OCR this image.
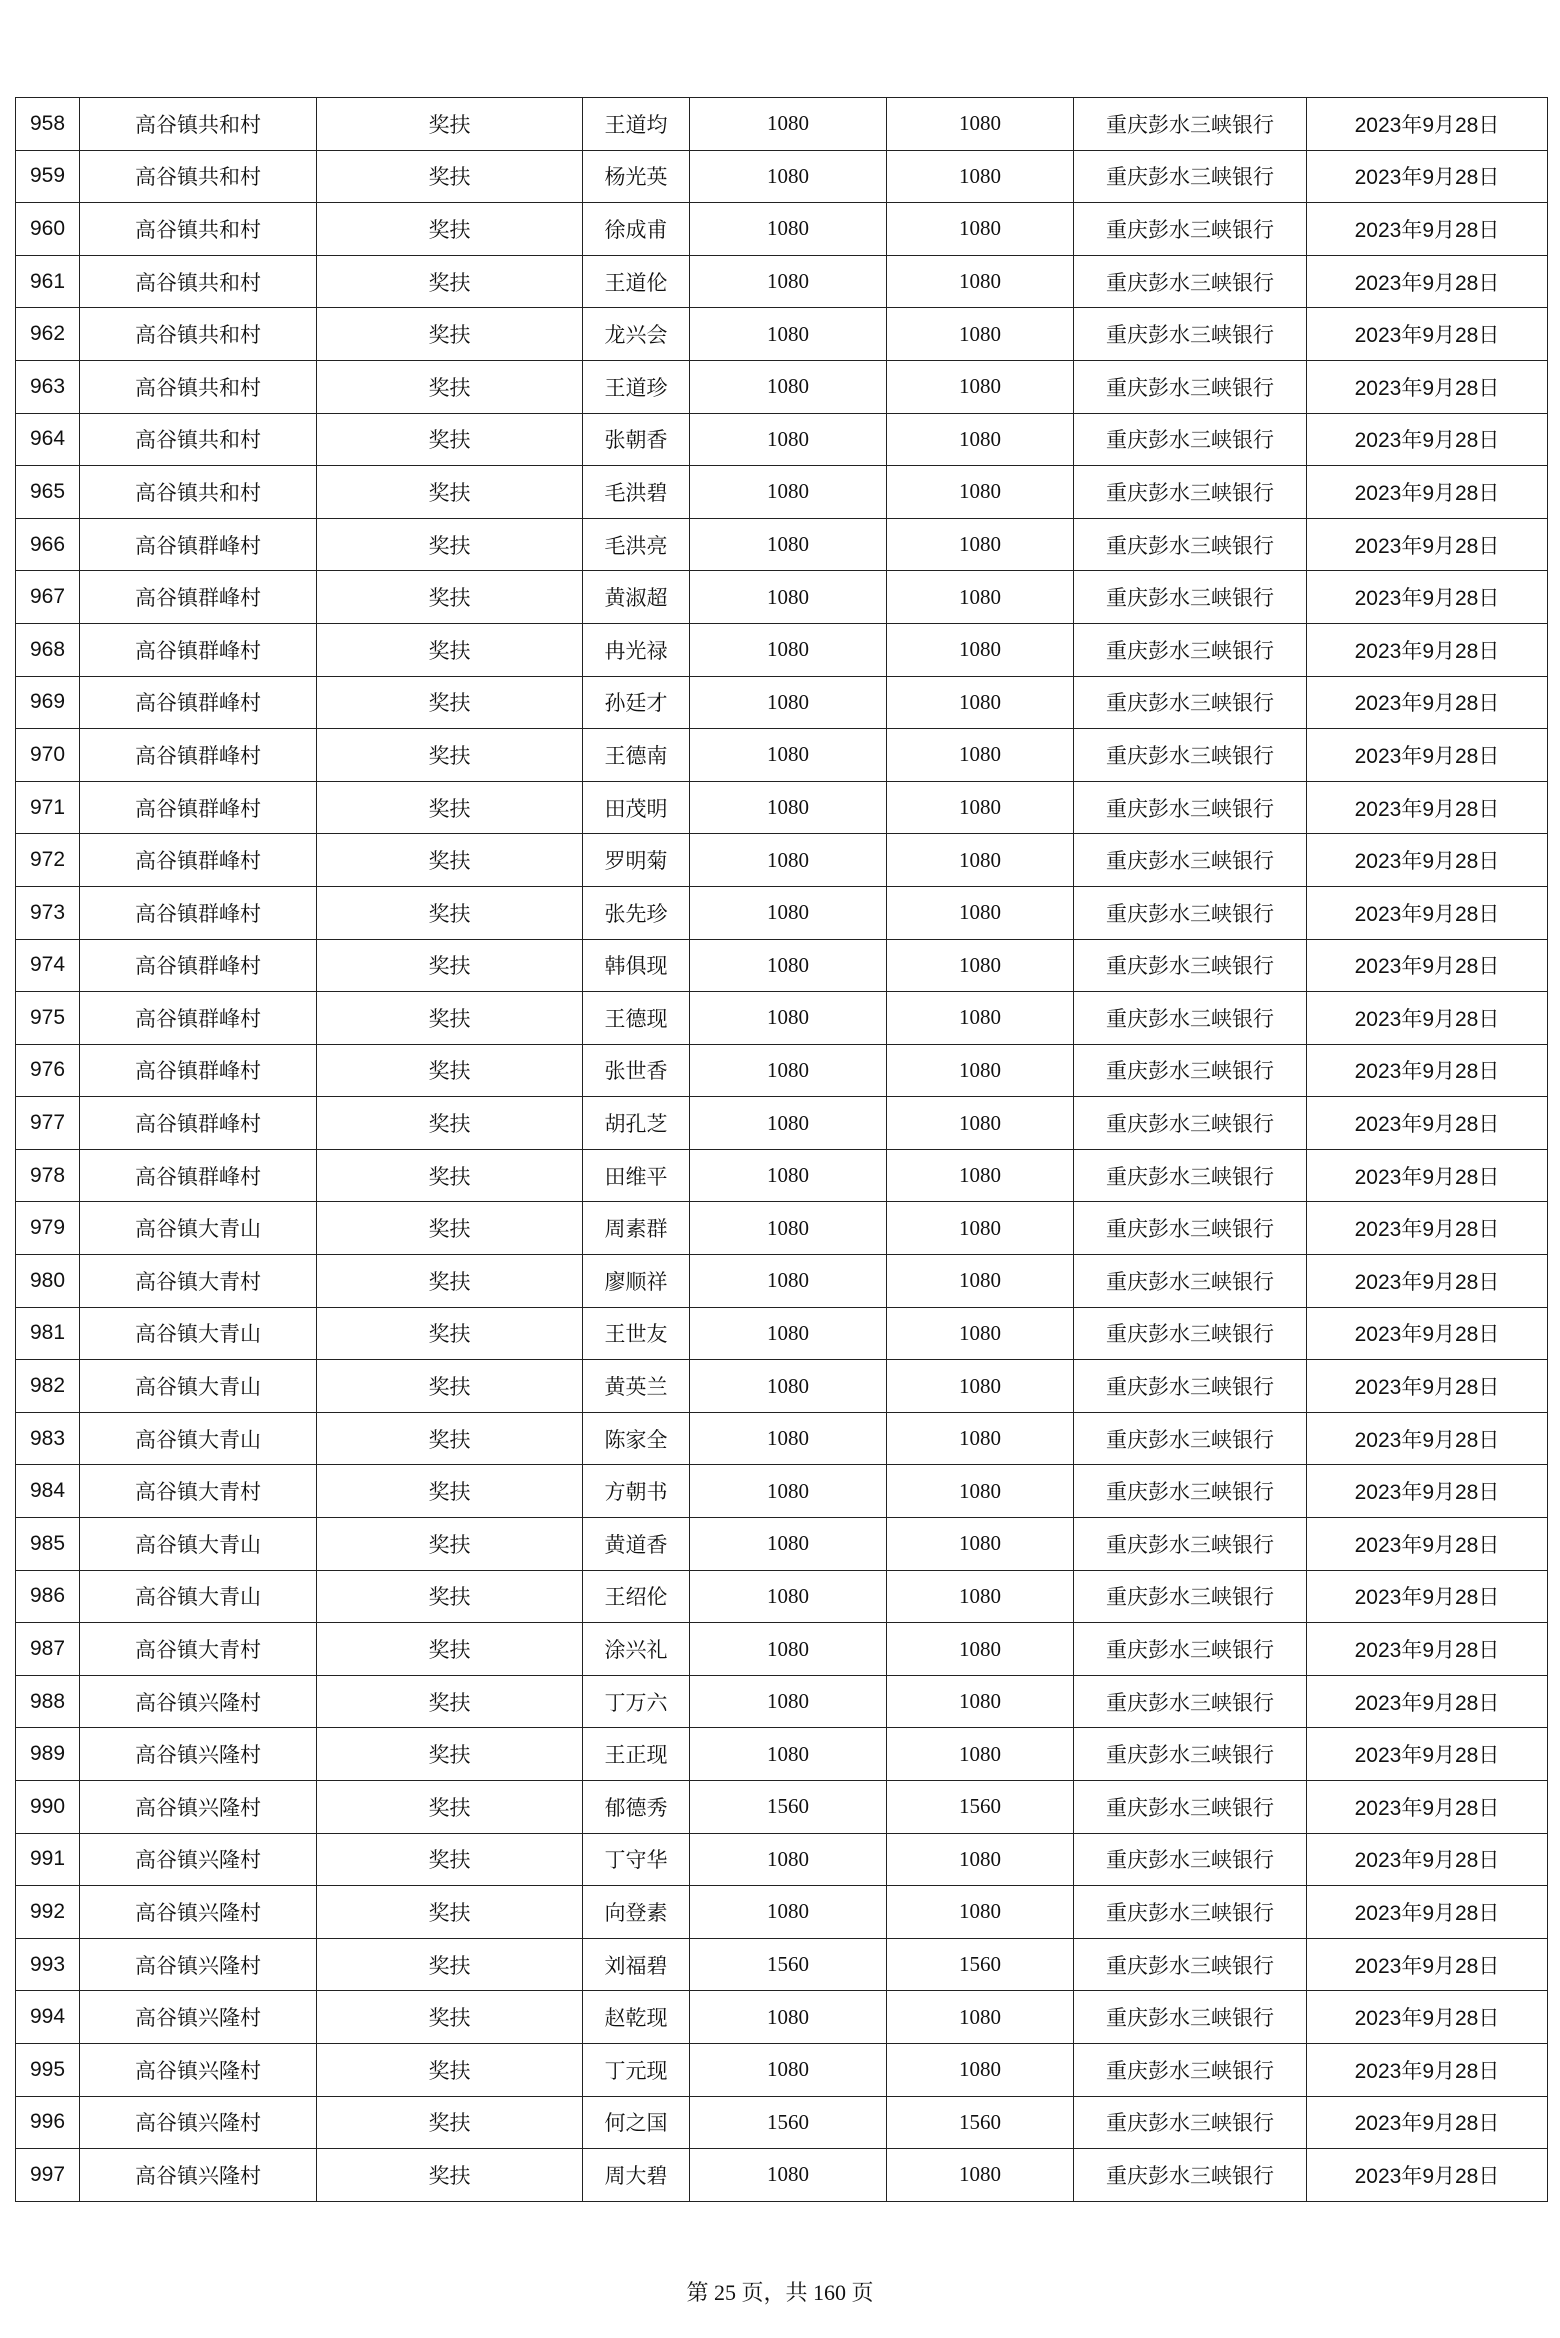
958	高谷镇共和村	奖扶	王道均	1080	1080	重庆彭水三峡银行	2023年9月28日
959	高谷镇共和村	奖扶	杨光英	1080	1080	重庆彭水三峡银行	2023年9月28日
960	高谷镇共和村	奖扶	徐成甫	1080	1080	重庆彭水三峡银行	2023年9月28日
961	高谷镇共和村	奖扶	王道伦	1080	1080	重庆彭水三峡银行	2023年9月28日
962	高谷镇共和村	奖扶	龙兴会	1080	1080	重庆彭水三峡银行	2023年9月28日
963	高谷镇共和村	奖扶	王道珍	1080	1080	重庆彭水三峡银行	2023年9月28日
964	高谷镇共和村	奖扶	张朝香	1080	1080	重庆彭水三峡银行	2023年9月28日
965	高谷镇共和村	奖扶	毛洪碧	1080	1080	重庆彭水三峡银行	2023年9月28日
966	高谷镇群峰村	奖扶	毛洪亮	1080	1080	重庆彭水三峡银行	2023年9月28日
967	高谷镇群峰村	奖扶	黄淑超	1080	1080	重庆彭水三峡银行	2023年9月28日
968	高谷镇群峰村	奖扶	冉光禄	1080	1080	重庆彭水三峡银行	2023年9月28日
969	高谷镇群峰村	奖扶	孙廷才	1080	1080	重庆彭水三峡银行	2023年9月28日
970	高谷镇群峰村	奖扶	王德南	1080	1080	重庆彭水三峡银行	2023年9月28日
971	高谷镇群峰村	奖扶	田茂明	1080	1080	重庆彭水三峡银行	2023年9月28日
972	高谷镇群峰村	奖扶	罗明菊	1080	1080	重庆彭水三峡银行	2023年9月28日
973	高谷镇群峰村	奖扶	张先珍	1080	1080	重庆彭水三峡银行	2023年9月28日
974	高谷镇群峰村	奖扶	韩俱现	1080	1080	重庆彭水三峡银行	2023年9月28日
975	高谷镇群峰村	奖扶	王德现	1080	1080	重庆彭水三峡银行	2023年9月28日
976	高谷镇群峰村	奖扶	张世香	1080	1080	重庆彭水三峡银行	2023年9月28日
977	高谷镇群峰村	奖扶	胡孔芝	1080	1080	重庆彭水三峡银行	2023年9月28日
978	高谷镇群峰村	奖扶	田维平	1080	1080	重庆彭水三峡银行	2023年9月28日
979	高谷镇大青山	奖扶	周素群	1080	1080	重庆彭水三峡银行	2023年9月28日
980	高谷镇大青村	奖扶	廖顺祥	1080	1080	重庆彭水三峡银行	2023年9月28日
981	高谷镇大青山	奖扶	王世友	1080	1080	重庆彭水三峡银行	2023年9月28日
982	高谷镇大青山	奖扶	黄英兰	1080	1080	重庆彭水三峡银行	2023年9月28日
983	高谷镇大青山	奖扶	陈家全	1080	1080	重庆彭水三峡银行	2023年9月28日
984	高谷镇大青村	奖扶	方朝书	1080	1080	重庆彭水三峡银行	2023年9月28日
985	高谷镇大青山	奖扶	黄道香	1080	1080	重庆彭水三峡银行	2023年9月28日
986	高谷镇大青山	奖扶	王绍伦	1080	1080	重庆彭水三峡银行	2023年9月28日
987	高谷镇大青村	奖扶	涂兴礼	1080	1080	重庆彭水三峡银行	2023年9月28日
988	高谷镇兴隆村	奖扶	丁万六	1080	1080	重庆彭水三峡银行	2023年9月28日
989	高谷镇兴隆村	奖扶	王正现	1080	1080	重庆彭水三峡银行	2023年9月28日
990	高谷镇兴隆村	奖扶	郁德秀	1560	1560	重庆彭水三峡银行	2023年9月28日
991	高谷镇兴隆村	奖扶	丁守华	1080	1080	重庆彭水三峡银行	2023年9月28日
992	高谷镇兴隆村	奖扶	向登素	1080	1080	重庆彭水三峡银行	2023年9月28日
993	高谷镇兴隆村	奖扶	刘福碧	1560	1560	重庆彭水三峡银行	2023年9月28日
994	高谷镇兴隆村	奖扶	赵乾现	1080	1080	重庆彭水三峡银行	2023年9月28日
995	高谷镇兴隆村	奖扶	丁元现	1080	1080	重庆彭水三峡银行	2023年9月28日
996	高谷镇兴隆村	奖扶	何之国	1560	1560	重庆彭水三峡银行	2023年9月28日
997	高谷镇兴隆村	奖扶	周大碧	1080	1080	重庆彭水三峡银行	2023年9月28日
第 25 页，共 160 页
